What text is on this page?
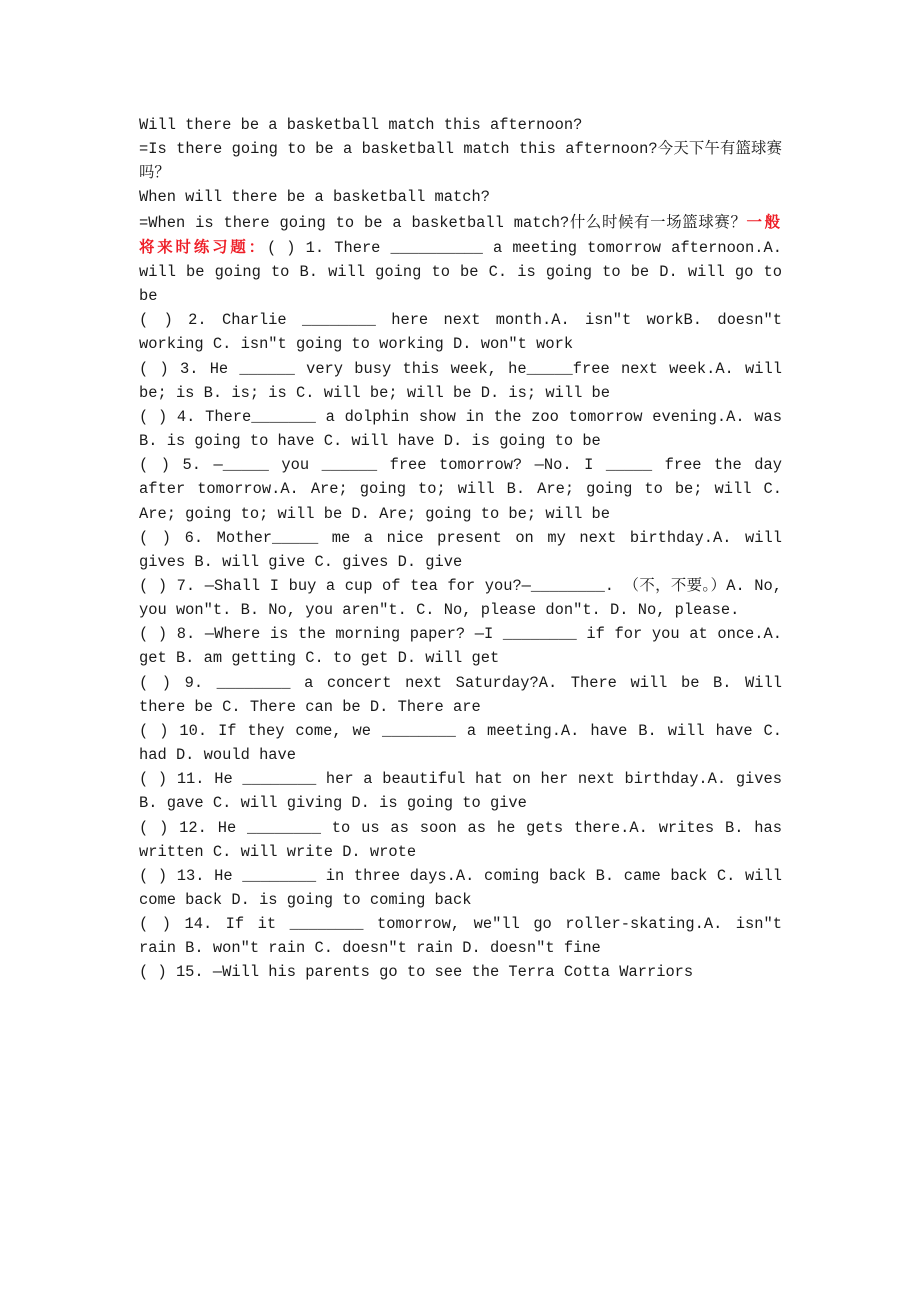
Will there be a basketball match this afternoon?
=Is there going to be a basketball match this afternoon?今天下午有篮球赛吗？
When will there be a basketball match?
=When is there going to be a basketball match?什么时候有一场篮球赛？一般将来时练习题：( ) 1. There __________ a meeting tomorrow afternoon.A. will be going to B. will going to be C. is going to be D. will go to be
( ) 2. Charlie ________ here next month.A. isn″t workB. doesn″t working C. isn″t going to working D. won″t work
( ) 3. He ______ very busy this week, he_____free next week.A. will be; is B. is; is C. will be; will be D. is; will be
( ) 4. There_______ a dolphin show in the zoo tomorrow evening.A. was B. is going to have C. will have D. is going to be
( ) 5. —_____ you ______ free tomorrow? —No. I _____ free the day after tomorrow.A. Are; going to; will B. Are; going to be; will C. Are; going to; will be D. Are; going to be; will be
( ) 6. Mother_____ me a nice present on my next birthday.A. will gives B. will give C. gives D. give
( ) 7. —Shall I buy a cup of tea for you?—________. （不，不要。）A. No, you won″t. B. No, you aren″t. C. No, please don″t. D. No, please.
( ) 8. —Where is the morning paper? —I ________ if for you at once.A. get B. am getting C. to get D. will get
( ) 9. ________ a concert next Saturday?A. There will be B. Will there be C. There can be D. There are
( ) 10. If they come, we ________ a meeting.A. have B. will have C. had D. would have
( ) 11. He ________ her a beautiful hat on her next birthday.A. gives B. gave C. will giving D. is going to give
( ) 12. He ________ to us as soon as he gets there.A. writes B. has written C. will write D. wrote
( ) 13. He ________ in three days.A. coming back B. came back C. will come back D. is going to coming back
( ) 14. If it ________ tomorrow, we″ll go roller-skating.A. isn″t rain B. won″t rain C. doesn″t rain D. doesn″t fine
( ) 15. —Will his parents go to see the Terra Cotta Warriors
